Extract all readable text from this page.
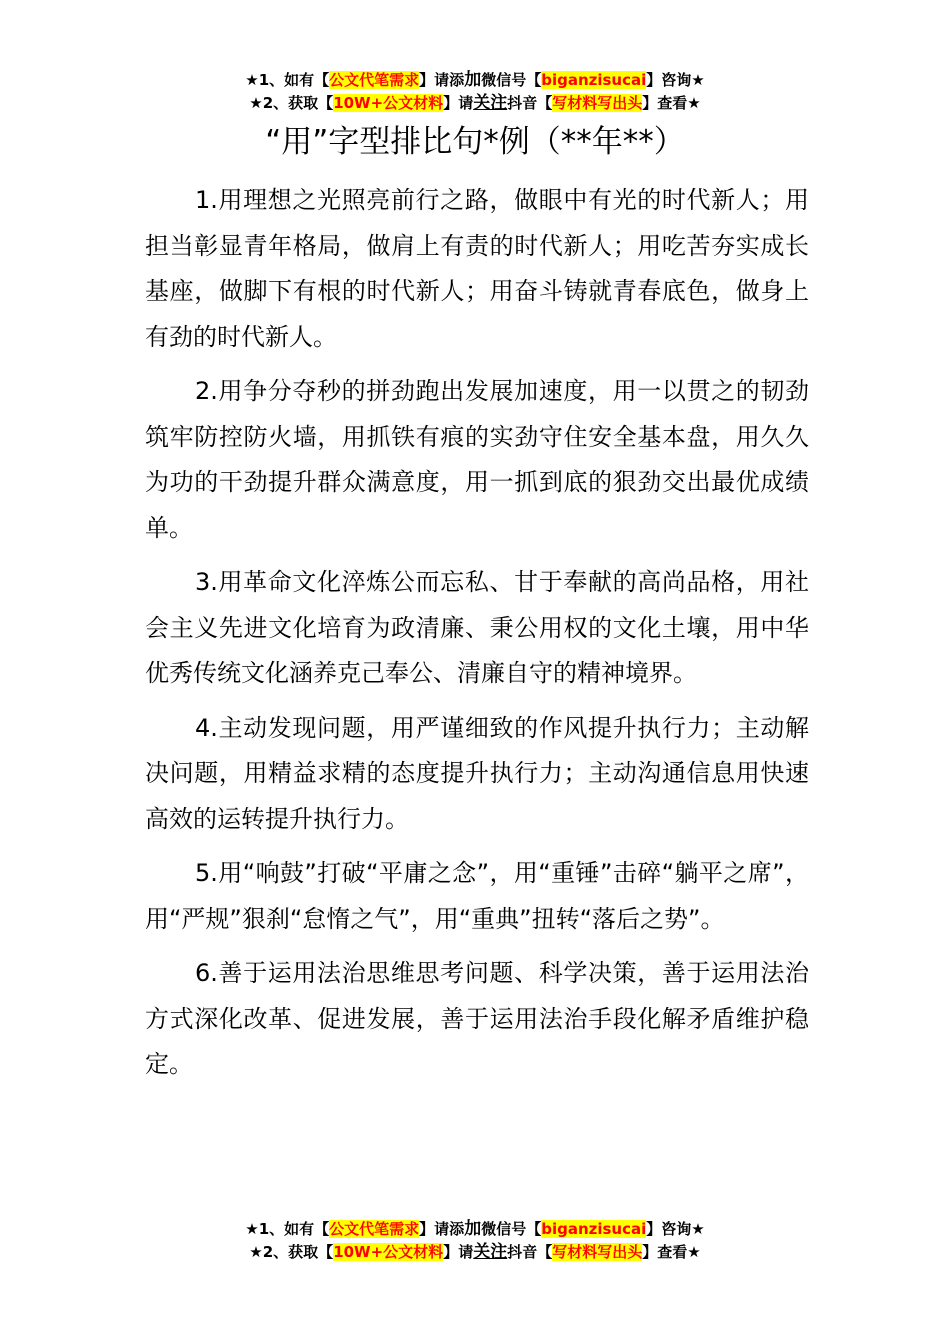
★1、如有【公文代笔需求】请添加微信号【biganzisucai】咨询★
★2、获取【10W+公文材料】请关注抖音【写材料写出头】查看★
“用”字型排比句*例（**年**）

1.用理想之光照亮前行之路，做眼中有光的时代新人；用担当彰显青年格局，做肩上有责的时代新人；用吃苦夯实成长基座，做脚下有根的时代新人；用奋斗铸就青春底色，做身上有劲的时代新人。

2.用争分夺秒的拼劲跑出发展加速度，用一以贯之的韧劲筑牢防控防火墙，用抓铁有痕的实劲守住安全基本盘，用久久为功的干劲提升群众满意度，用一抓到底的狠劲交出最优成绩单。

3.用革命文化淬炼公而忘私、甘于奉献的高尚品格，用社会主义先进文化培育为政清廉、秉公用权的文化土壤，用中华优秀传统文化涵养克己奉公、清廉自守的精神境界。

4.主动发现问题，用严谨细致的作风提升执行力；主动解决问题，用精益求精的态度提升执行力；主动沟通信息用快速高效的运转提升执行力。

5.用“响鼓”打破“平庸之念”，用“重锤”击碎“躺平之席”，用“严规”狠刹“怠惰之气”，用“重典”扭转“落后之势”。

6.善于运用法治思维思考问题、科学决策，善于运用法治方式深化改革、促进发展，善于运用法治手段化解矛盾维护稳定。

★1、如有【公文代笔需求】请添加微信号【biganzisucai】咨询★
★2、获取【10W+公文材料】请关注抖音【写材料写出头】查看★
